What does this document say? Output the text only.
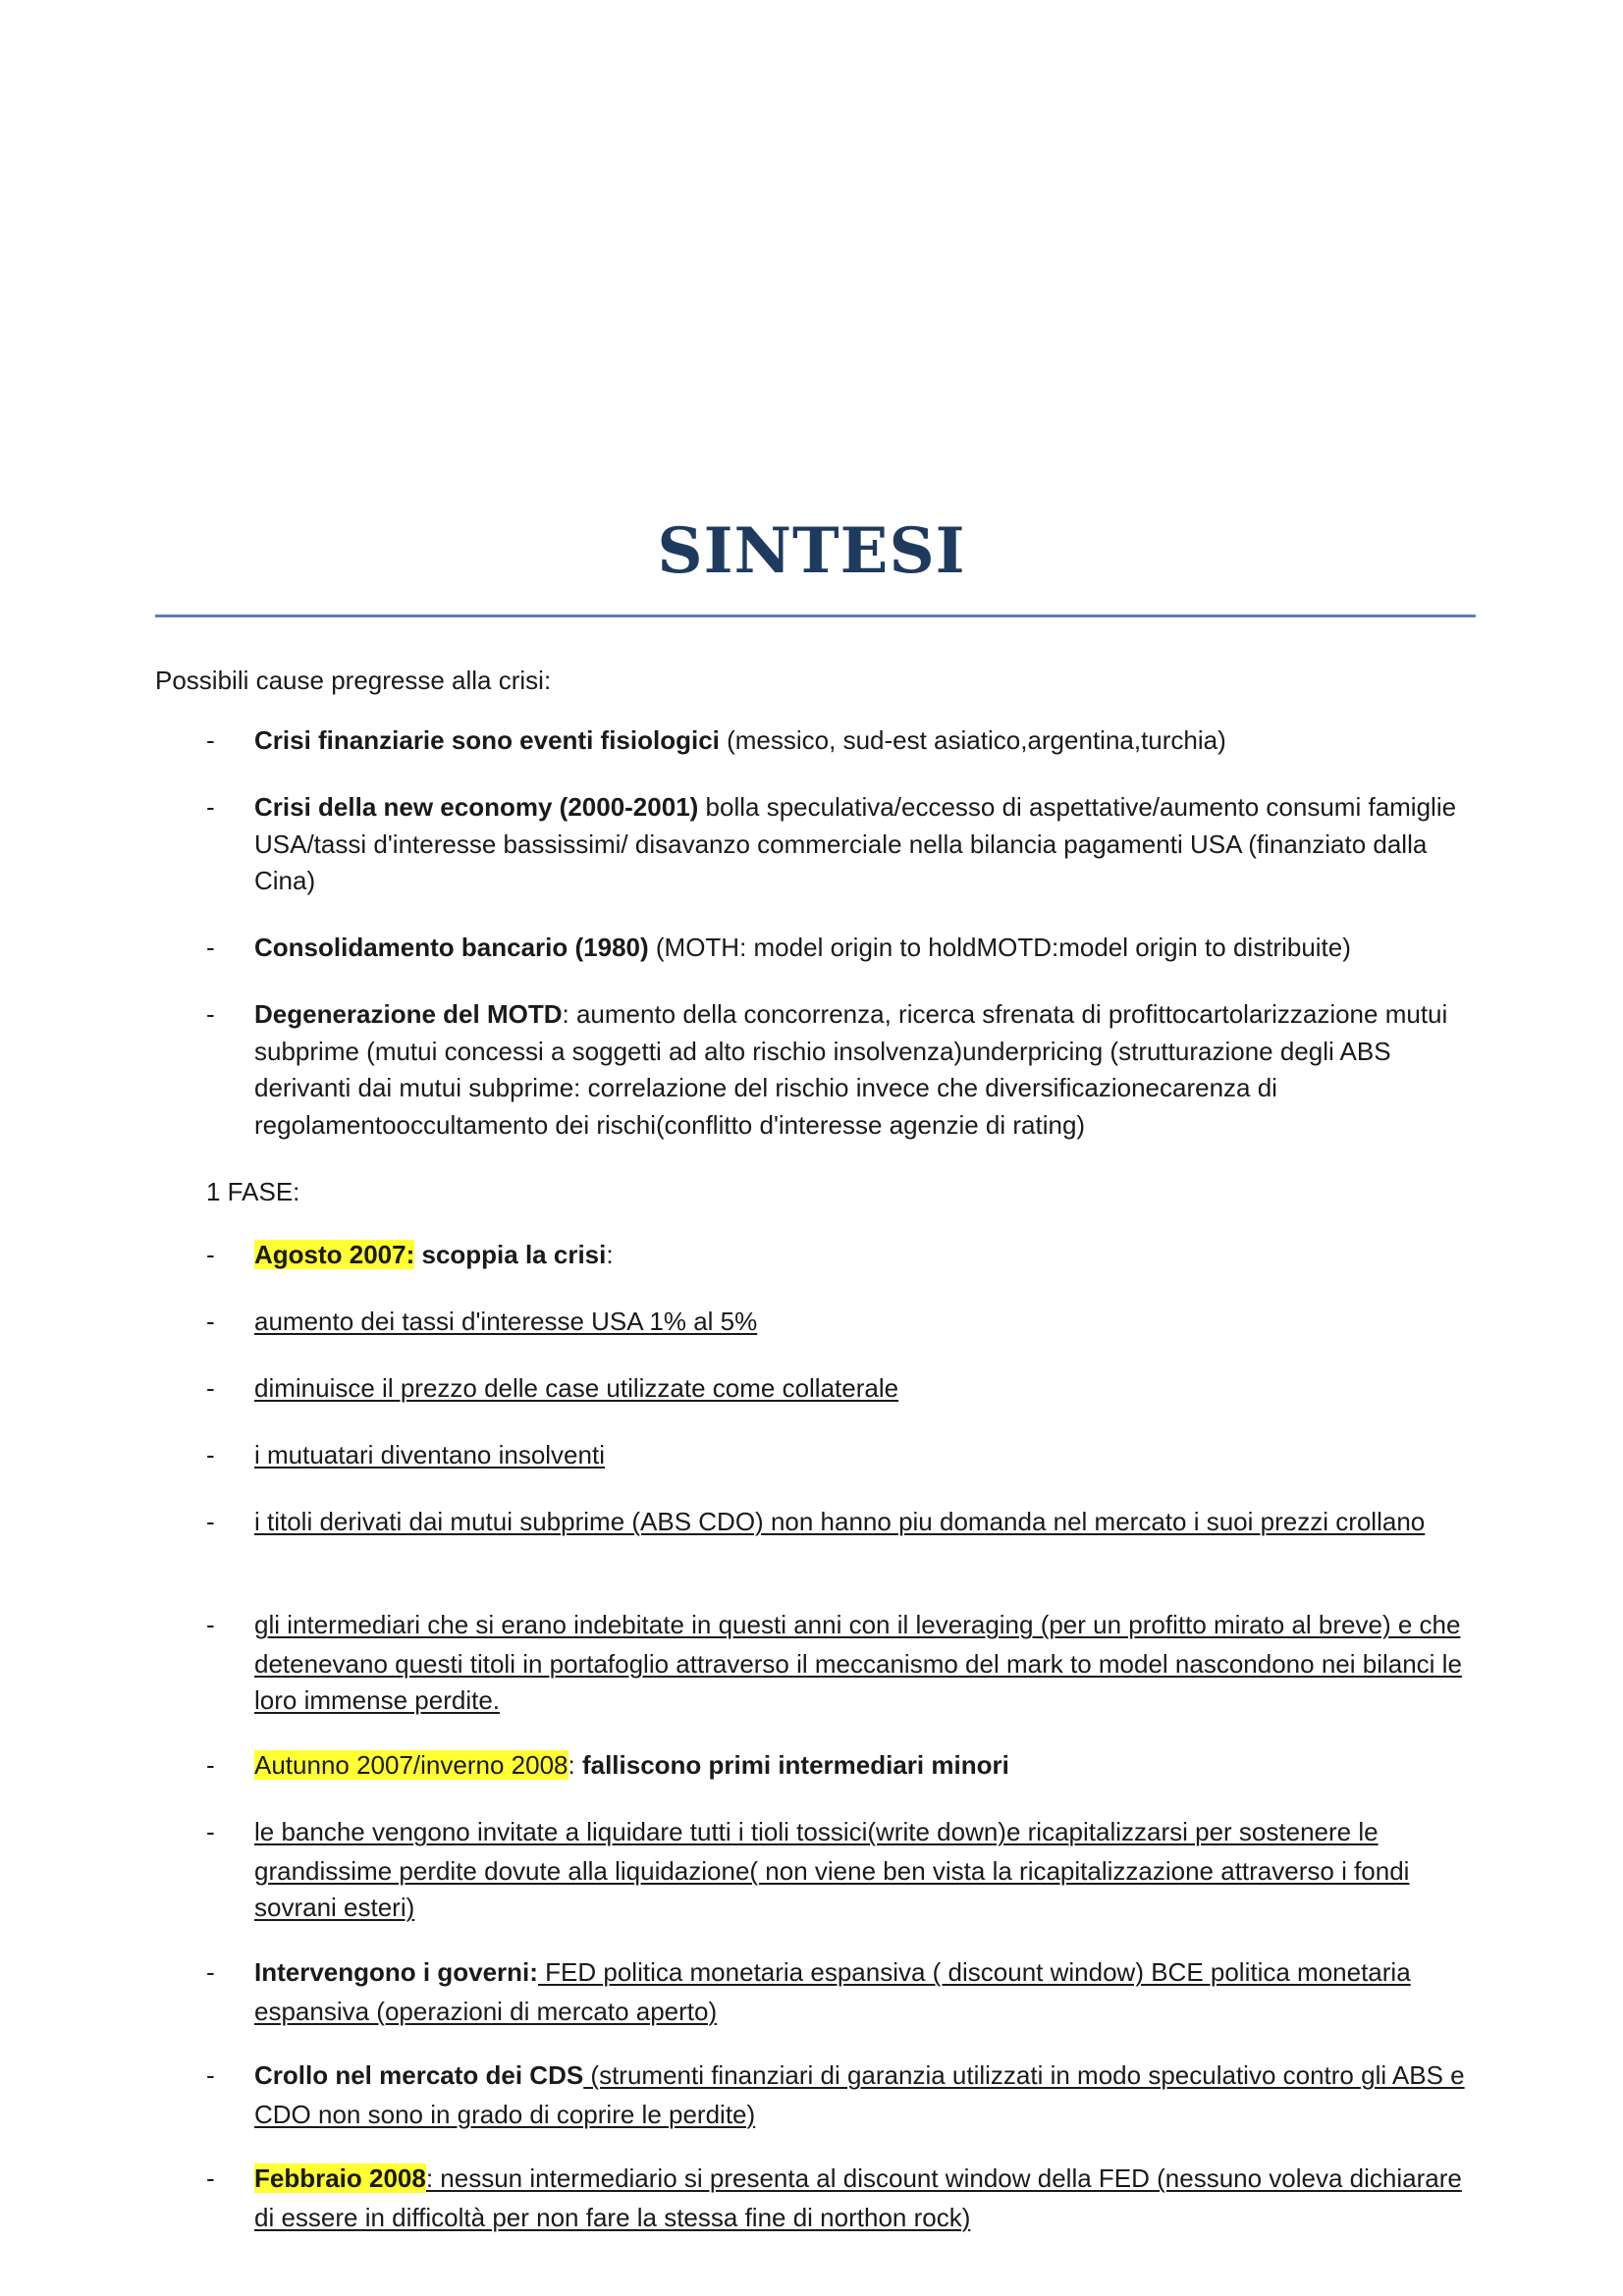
SINTESI

Possibili cause pregresse alla crisi:

- Crisi finanziarie sono eventi fisiologici (messico, sud-est asiatico,argentina,turchia)
- Crisi della new economy (2000-2001) bolla speculativa/eccesso di aspettative/aumento consumi famiglie USA/tassi d'interesse bassissimi/ disavanzo commerciale nella bilancia pagamenti USA (finanziato dalla Cina)
- Consolidamento bancario (1980) (MOTH: model origin to holdMOTD:model origin to distribuite)
- Degenerazione del MOTD: aumento della concorrenza, ricerca sfrenata di profittocartolarizzazione mutui subprime (mutui concessi a soggetti ad alto rischio insolvenza)underpricing (strutturazione degli ABS derivanti dai mutui subprime: correlazione del rischio invece che diversificazionecarenza di regolamentooccultamento dei rischi(conflitto d'interesse agenzie di rating)

1 FASE:

- Agosto 2007: scoppia la crisi:
- aumento dei tassi d'interesse USA 1% al 5%
- diminuisce il prezzo delle case utilizzate come collaterale
- i mutuatari diventano insolventi
- i titoli derivati dai mutui subprime (ABS CDO) non hanno piu domanda nel mercato i suoi prezzi crollano
- gli intermediari che si erano indebitate in questi anni con il leveraging (per un profitto mirato al breve) e che detenevano questi titoli in portafoglio attraverso il meccanismo del mark to model nascondono nei bilanci le loro immense perdite.
- Autunno 2007/inverno 2008: falliscono primi intermediari minori
- le banche vengono invitate a liquidare tutti i tioli tossici(write down)e ricapitalizzarsi per sostenere le grandissime perdite dovute alla liquidazione( non viene ben vista la ricapitalizzazione attraverso i fondi sovrani esteri)
- Intervengono i governi: FED politica monetaria espansiva ( discount window) BCE politica monetaria espansiva (operazioni di mercato aperto)
- Crollo nel mercato dei CDS (strumenti finanziari di garanzia utilizzati in modo speculativo contro gli ABS e CDO non sono in grado di coprire le perdite)
- Febbraio 2008: nessun intermediario si presenta al discount window della FED (nessuno voleva dichiarare di essere in difficoltà per non fare la stessa fine di northon rock)
